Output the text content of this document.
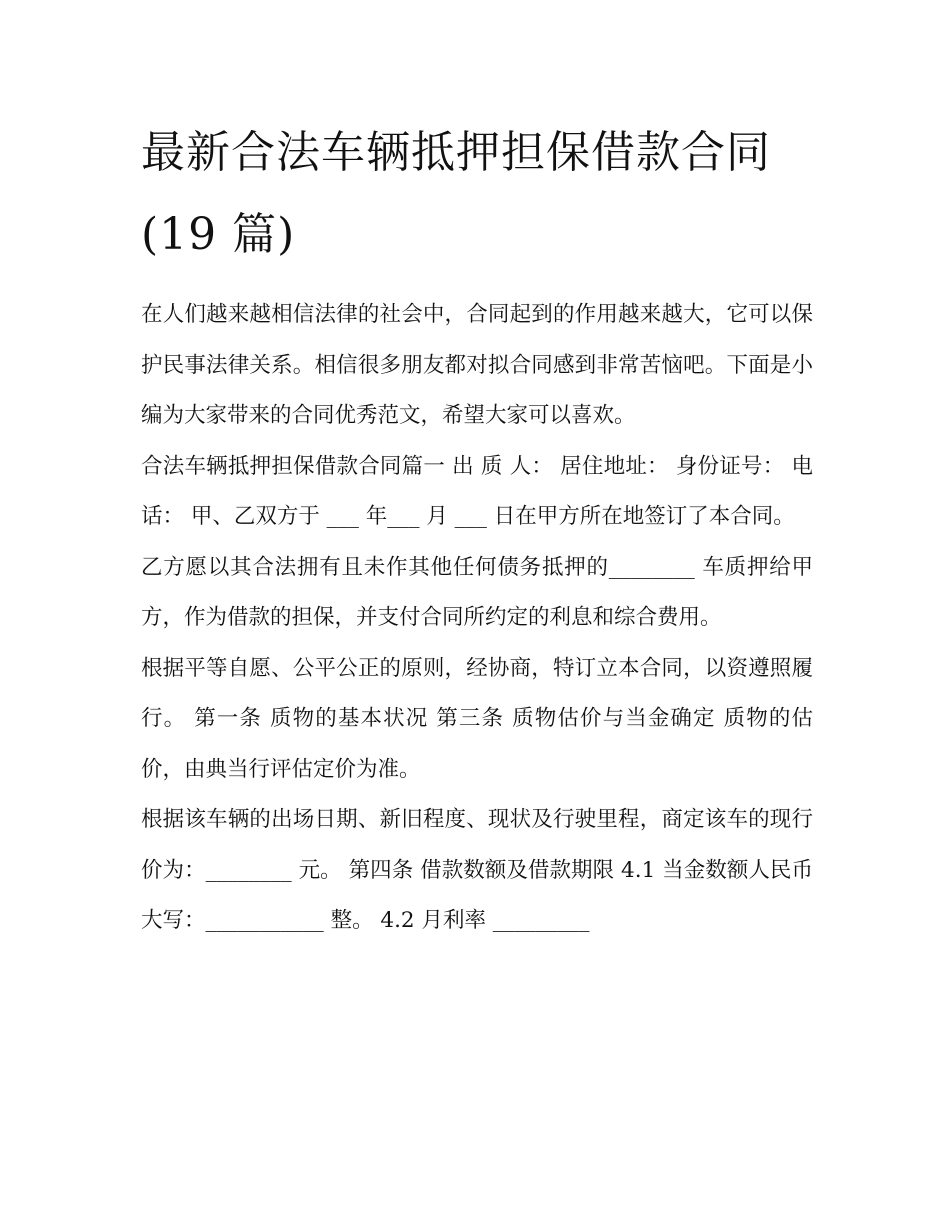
最新合法车辆抵押担保借款合同(19 篇)

在人们越来越相信法律的社会中，合同起到的作用越来越大，它可以保护民事法律关系。相信很多朋友都对拟合同感到非常苦恼吧。下面是小编为大家带来的合同优秀范文，希望大家可以喜欢。

合法车辆抵押担保借款合同篇一 出 质 人： 居住地址： 身份证号： 电 话： 甲、乙双方于 ___ 年___ 月 ___ 日在甲方所在地签订了本合同。

乙方愿以其合法拥有且未作其他任何债务抵押的________ 车质押给甲方，作为借款的担保，并支付合同所约定的利息和综合费用。

根据平等自愿、公平公正的原则，经协商，特订立本合同，以资遵照履行。 第一条 质物的基本状况 第三条 质物估价与当金确定 质物的估价，由典当行评估定价为准。

根据该车辆的出场日期、新旧程度、现状及行驶里程，商定该车的现行价为：________ 元。 第四条 借款数额及借款期限 4.1 当金数额人民币大写：___________ 整。 4.2 月利率 _________
